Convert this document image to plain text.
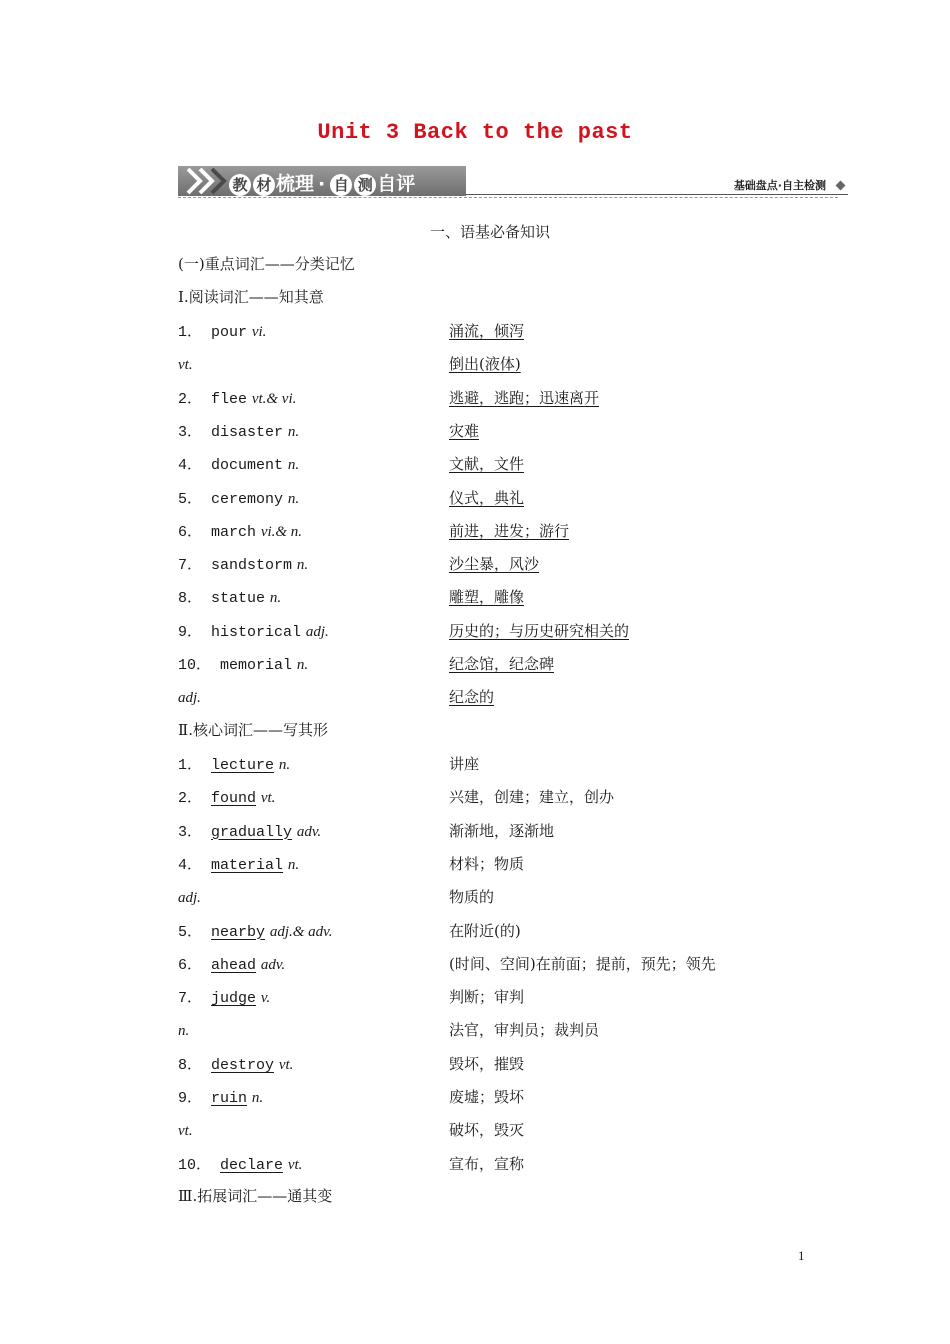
Unit 3 Back to the past
教 材 梳理 · 自 测 自评	基础盘点·自主检测
一、语基必备知识
(一)重点词汇——分类记忆
Ⅰ.阅读词汇——知其意
1． pour vi.	涌流，倾泻
vt.	倒出(液体)
2． flee vt.& vi.	逃避，逃跑；迅速离开
3． disaster n.	灾难
4． document n.	文献，文件
5． ceremony n.	仪式，典礼
6． march vi.& n.	前进，进发；游行
7． sandstorm n.	沙尘暴，风沙
8． statue n.	雕塑，雕像
9． historical adj.	历史的；与历史研究相关的
10． memorial n.	纪念馆，纪念碑
adj.	纪念的
Ⅱ.核心词汇——写其形
1． lecture n.	讲座
2． found vt.	兴建，创建；建立，创办
3． gradually adv.	渐渐地，逐渐地
4． material n.	材料；物质
adj.	物质的
5． nearby adj.& adv.	在附近(的)
6． ahead adv.	(时间、空间)在前面；提前，预先；领先
7． judge v.	判断；审判
n.	法官，审判员；裁判员
8． destroy vt.	毁坏，摧毁
9． ruin n.	废墟；毁坏
vt.	破坏，毁灭
10． declare vt.	宣布，宣称
Ⅲ.拓展词汇——通其变
1
